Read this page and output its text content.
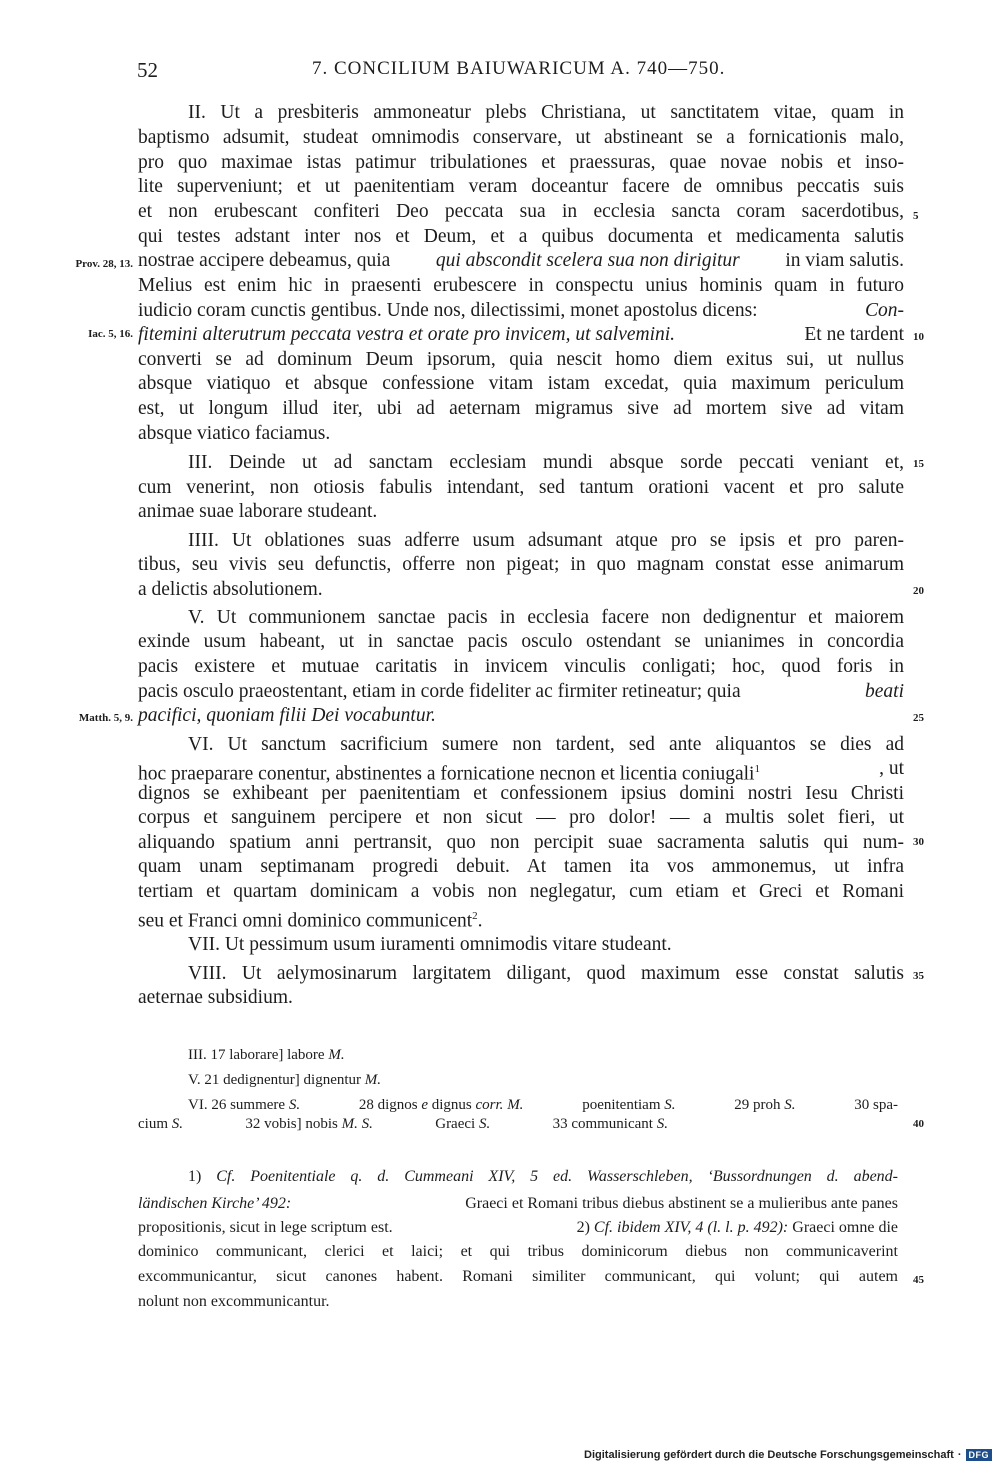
52	7. CONCILIUM BAIUWARICUM A. 740—750.
Prov. 28, 13.
Iac. 5, 16.
Matth. 5, 9.
5
10
15
20
25
30
35
40
45
II. Ut a presbiteris ammoneatur plebs Christiana, ut sanctitatem vitae, quam in
baptismo adsumit, studeat omnimodis conservare, ut abstineant se a fornicationis malo,
pro quo maximae istas patimur tribulationes et praessuras, quae novae nobis et inso-
lite superveniunt; et ut paenitentiam veram doceantur facere de omnibus peccatis suis
et non erubescant confiteri Deo peccata sua in ecclesia sancta coram sacerdotibus,
qui testes adstant inter nos et Deum, et a quibus documenta et medicamenta salutis
nostrae accipere debeamus, quia qui abscondit scelera sua non dirigitur in viam salutis.
Melius est enim hic in praesenti erubescere in conspectu unius hominis quam in futuro
iudicio coram cunctis gentibus. Unde nos, dilectissimi, monet apostolus dicens:	Con-
fitemini alterutrum peccata vestra et orate pro invicem, ut salvemini.	Et ne tardent
converti se ad dominum Deum ipsorum, quia nescit homo diem exitus sui, ut nullus
absque viatiquo et absque confessione vitam istam excedat, quia maximum periculum
est, ut longum illud iter, ubi ad aeternam migramus sive ad mortem sive ad vitam
absque viatico faciamus.
III. Deinde ut ad sanctam ecclesiam mundi absque sorde peccati veniant et,
cum venerint, non otiosis fabulis intendant, sed tantum orationi vacent et pro salute
animae suae laborare studeant.
IIII. Ut oblationes suas adferre usum adsumant atque pro se ipsis et pro paren-
tibus, seu vivis seu defunctis, offerre non pigeat; in quo magnam constat esse animarum
a delictis absolutionem.
V. Ut communionem sanctae pacis in ecclesia facere non dedignentur et maiorem
exinde usum habeant, ut in sanctae pacis osculo ostendant se unianimes in concordia
pacis existere et mutuae caritatis in invicem vinculis conligati; hoc, quod foris in
pacis osculo praeostentant, etiam in corde fideliter ac firmiter retineatur; quia	beati
pacifici, quoniam filii Dei vocabuntur.
VI. Ut sanctum sacrificium sumere non tardent, sed ante aliquantos se dies ad
hoc praeparare conentur, abstinentes a fornicatione necnon et licentia coniugali$^1$	, ut
dignos se exhibeant per paenitentiam et confessionem ipsius domini nostri Iesu Christi
corpus et sanguinem percipere et non sicut — pro dolor! — a multis solet fieri, ut
aliquando spatium anni pertransit, quo non percipit suae sacramenta salutis qui num-
quam unam septimanam progredi debuit. At tamen ita vos ammonemus, ut infra
tertiam et quartam dominicam a vobis non neglegatur, cum etiam et Greci et Romani
seu et Franci omni dominico communicent$^2$.
VII. Ut pessimum usum iuramenti omnimodis vitare studeant.
VIII. Ut aelymosinarum largitatem diligant, quod maximum esse constat salutis
aeternae subsidium.
III. 17 laborare] labore M.
V. 21 dedignentur] dignentur M.
VI. 26 summere S.	28 dignos e dignus corr. M.	poenitentiam S.	29 proh S.	30 spa-
cium S.	32 vobis] nobis M. S.	Graeci S.	33 communicant S.
1) Cf. Poenitentiale q. d. Cummeani XIV, 5 ed. Wasserschleben, ‘Bussordnungen d. abend-
ländischen Kirche’ 492:	Graeci et Romani tribus diebus abstinent se a mulieribus ante panes
propositionis, sicut in lege scriptum est.	2) Cf. ibidem XIV, 4 (l. l. p. 492): Graeci omne die
dominico communicant, clerici et laici; et qui tribus dominicorum diebus non communicaverint
excommunicantur, sicut canones habent. Romani similiter communicant, qui volunt; qui autem
nolunt non excommunicantur.
Digitalisierung gefördert durch die Deutsche Forschungsgemeinschaft · DFG
